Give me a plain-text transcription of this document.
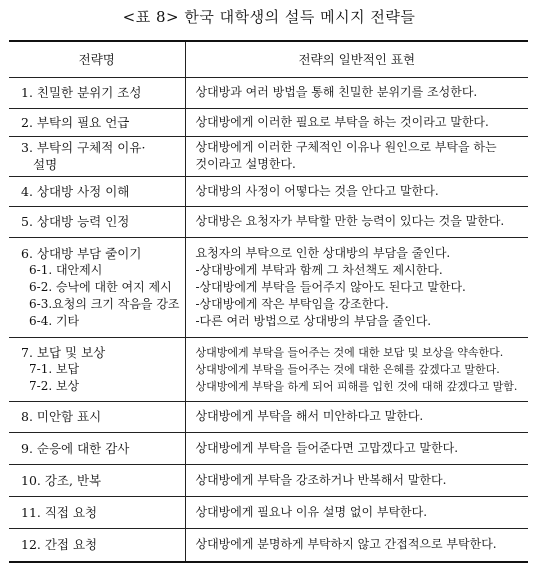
<표 8> 한국 대학생의 설득 메시지 전략들
전략명	전략의 일반적인 표현

1. 친밀한 분위기 조성	상대방과 여러 방법을 통해 친밀한 분위기를 조성한다.

2. 부탁의 필요 언급	상대방에게 이러한 필요로 부탁을 하는 것이라고 말한다.

3. 부탁의 구체적 이유·
설명	상대방에게 이러한 구체적인 이유나 원인으로 부탁을 하는
것이라고 설명한다.

4. 상대방 사정 이해	상대방의 사정이 어떻다는 것을 안다고 말한다.

5. 상대방 능력 인정	상대방은 요청자가 부탁할 만한 능력이 있다는 것을 말한다.

6. 상대방 부담 줄이기
6-1. 대안제시
6-2. 승낙에 대한 여지 제시
6-3.요청의 크기 작음을 강조
6-4. 기타	요청자의 부탁으로 인한 상대방의 부담을 줄인다.
-상대방에게 부탁과 함께 그 차선책도 제시한다.
-상대방에게 부탁을 들어주지 않아도 된다고 말한다.
-상대방에게 작은 부탁임을 강조한다.
-다른 여러 방법으로 상대방의 부담을 줄인다.

7. 보답 및 보상
7-1. 보답
7-2. 보상	상대방에게 부탁을 들어주는 것에 대한 보답 및 보상을 약속한다.
상대방에게 부탁을 들어주는 것에 대한 은혜를 갚겠다고 말한다.
상대방에게 부탁을 하게 되어 피해를 입힌 것에 대해 갚겠다고 말함.

8. 미안함 표시	상대방에게 부탁을 해서 미안하다고 말한다.

9. 순응에 대한 감사	상대방에게 부탁을 들어준다면 고맙겠다고 말한다.

10. 강조, 반복	상대방에게 부탁을 강조하거나 반복해서 말한다.

11. 직접 요청	상대방에게 필요나 이유 설명 없이 부탁한다.

12. 간접 요청	상대방에게 분명하게 부탁하지 않고 간접적으로 부탁한다.
